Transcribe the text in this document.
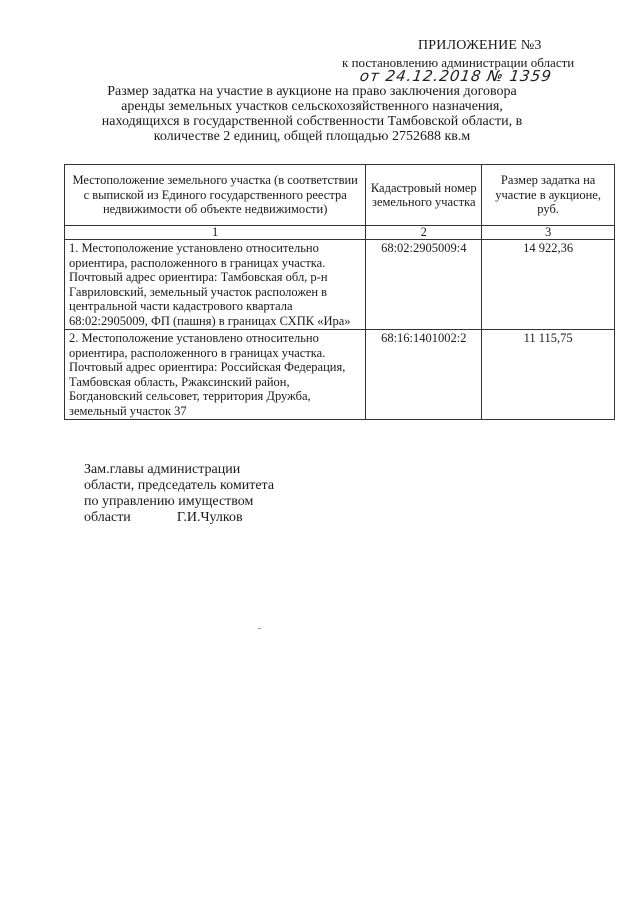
ПРИЛОЖЕНИЕ №3
к постановлению администрации области
от 24.12.2018 № 1359
Размер задатка на участие в аукционе на право заключения договора аренды земельных участков сельскохозяйственного назначения, находящихся в государственной собственности Тамбовской области, в количестве 2 единиц, общей площадью 2752688 кв.м
Местоположение земельного участка (в соответствии с выпиской из Единого государственного реестра недвижимости об объекте недвижимости)	Кадастровый номер земельного участка	Размер задатка на участие в аукционе, руб.
1	2	3
1. Местоположение установлено относительно ориентира, расположенного в границах участка. Почтовый адрес ориентира: Тамбовская обл, р-н Гавриловский, земельный участок расположен в центральной части кадастрового квартала 68:02:2905009, ФП (пашня) в границах СХПК «Ира»	68:02:2905009:4	14 922,36
2. Местоположение установлено относительно ориентира, расположенного в границах участка. Почтовый адрес ориентира: Российская Федерация, Тамбовская область, Ржаксинский район, Богдановский сельсовет, территория Дружба, земельный участок 37	68:16:1401002:2	11 115,75
Зам.главы администрации
области, председатель комитета
по управлению имуществом
области	Г.И.Чулков
